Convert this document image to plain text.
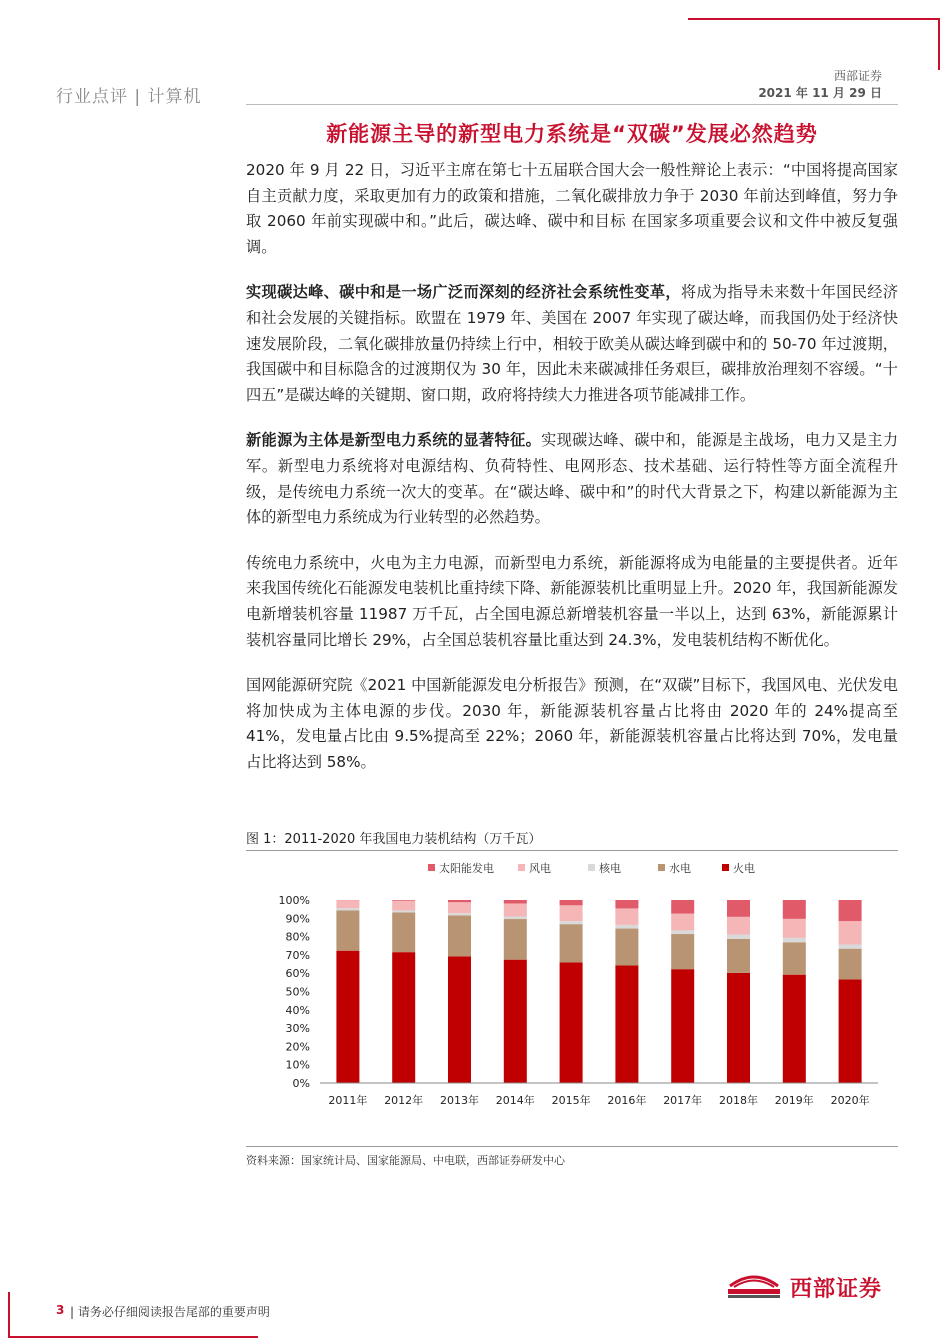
行业点评 | 计算机
西部证券
2021 年 11 月 29 日
新能源主导的新型电力系统是“双碳”发展必然趋势

2020 年 9 月 22 日，习近平主席在第七十五届联合国大会一般性辩论上表示：“中国将提高国家自主贡献力度，采取更加有力的政策和措施，二氧化碳排放力争于 2030 年前达到峰值，努力争取 2060 年前实现碳中和。”此后，碳达峰、碳中和目标 在国家多项重要会议和文件中被反复强调。

实现碳达峰、碳中和是一场广泛而深刻的经济社会系统性变革，将成为指导未来数十年国民经济和社会发展的关键指标。欧盟在 1979 年、美国在 2007 年实现了碳达峰，而我国仍处于经济快速发展阶段，二氧化碳排放量仍持续上行中，相较于欧美从碳达峰到碳中和的 50-70 年过渡期，我国碳中和目标隐含的过渡期仅为 30 年，因此未来碳减排任务艰巨，碳排放治理刻不容缓。“十四五”是碳达峰的关键期、窗口期，政府将持续大力推进各项节能减排工作。

新能源为主体是新型电力系统的显著特征。实现碳达峰、碳中和，能源是主战场，电力又是主力军。新型电力系统将对电源结构、负荷特性、电网形态、技术基础、运行特性等方面全流程升级，是传统电力系统一次大的变革。在“碳达峰、碳中和”的时代大背景之下，构建以新能源为主体的新型电力系统成为行业转型的必然趋势。

传统电力系统中，火电为主力电源，而新型电力系统，新能源将成为电能量的主要提供者。近年来我国传统化石能源发电装机比重持续下降、新能源装机比重明显上升。2020 年，我国新能源发电新增装机容量 11987 万千瓦，占全国电源总新增装机容量一半以上，达到 63%，新能源累计装机容量同比增长 29%，占全国总装机容量比重达到 24.3%，发电装机结构不断优化。

国网能源研究院《2021 中国新能源发电分析报告》预测，在“双碳”目标下，我国风电、光伏发电将加快成为主体电源的步伐。2030 年，新能源装机容量占比将由 2020 年的 24%提高至 41%，发电量占比由 9.5%提高至 22%；2060 年，新能源装机容量占比将达到 70%，发电量占比将达到 58%。

图 1：2011-2020 年我国电力装机结构（万千瓦）
太阳能发电	风电	核电	水电	火电
0%
10%
20%
30%
40%
50%
60%
70%
80%
90%
100%
2011年 2012年 2013年 2014年 2015年 2016年 2017年 2018年 2019年 2020年
资料来源：国家统计局、国家能源局、中电联，西部证券研发中心
3 | 请务必仔细阅读报告尾部的重要声明
西部证券
